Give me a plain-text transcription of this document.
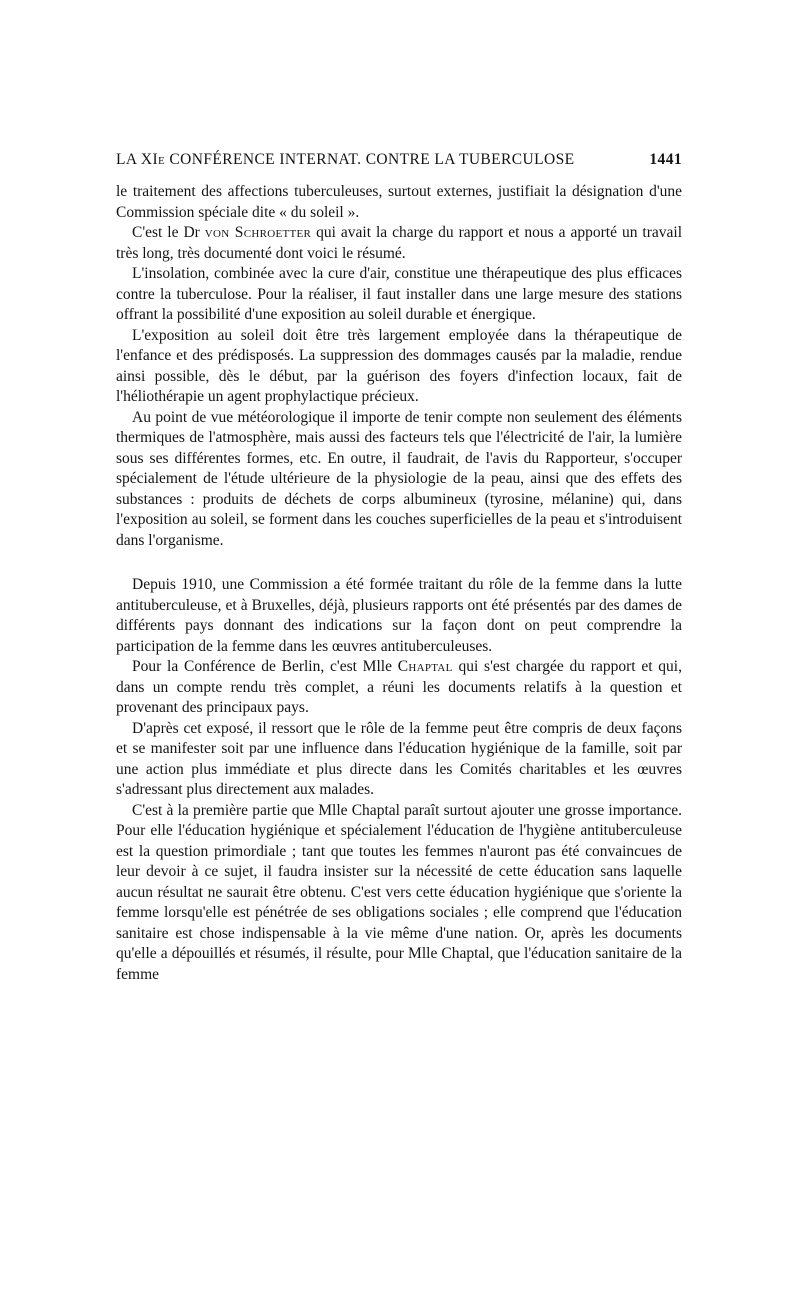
LA XIe CONFÉRENCE INTERNAT. CONTRE LA TUBERCULOSE	1441

le traitement des affections tuberculeuses, surtout externes, justifiait la désignation d'une Commission spéciale dite « du soleil ».

C'est le Dr von Schroetter qui avait la charge du rapport et nous a apporté un travail très long, très documenté dont voici le résumé.

L'insolation, combinée avec la cure d'air, constitue une thérapeutique des plus efficaces contre la tuberculose. Pour la réaliser, il faut installer dans une large mesure des stations offrant la possibilité d'une exposition au soleil durable et énergique.

L'exposition au soleil doit être très largement employée dans la thérapeutique de l'enfance et des prédisposés. La suppression des dommages causés par la maladie, rendue ainsi possible, dès le début, par la guérison des foyers d'infection locaux, fait de l'héliothérapie un agent prophylactique précieux.

Au point de vue météorologique il importe de tenir compte non seulement des éléments thermiques de l'atmosphère, mais aussi des facteurs tels que l'électricité de l'air, la lumière sous ses différentes formes, etc. En outre, il faudrait, de l'avis du Rapporteur, s'occuper spécialement de l'étude ultérieure de la physiologie de la peau, ainsi que des effets des substances : produits de déchets de corps albumineux (tyrosine, mélanine) qui, dans l'exposition au soleil, se forment dans les couches superficielles de la peau et s'introduisent dans l'organisme.

Depuis 1910, une Commission a été formée traitant du rôle de la femme dans la lutte antituberculeuse, et à Bruxelles, déjà, plusieurs rapports ont été présentés par des dames de différents pays donnant des indications sur la façon dont on peut comprendre la participation de la femme dans les œuvres antituberculeuses.

Pour la Conférence de Berlin, c'est Mlle Chaptal qui s'est chargée du rapport et qui, dans un compte rendu très complet, a réuni les documents relatifs à la question et provenant des principaux pays.

D'après cet exposé, il ressort que le rôle de la femme peut être compris de deux façons et se manifester soit par une influence dans l'éducation hygiénique de la famille, soit par une action plus immédiate et plus directe dans les Comités charitables et les œuvres s'adressant plus directement aux malades.

C'est à la première partie que Mlle Chaptal paraît surtout ajouter une grosse importance. Pour elle l'éducation hygiénique et spécialement l'éducation de l'hygiène antituberculeuse est la question primordiale ; tant que toutes les femmes n'auront pas été convaincues de leur devoir à ce sujet, il faudra insister sur la nécessité de cette éducation sans laquelle aucun résultat ne saurait être obtenu. C'est vers cette éducation hygiénique que s'oriente la femme lorsqu'elle est pénétrée de ses obligations sociales ; elle comprend que l'éducation sanitaire est chose indispensable à la vie même d'une nation. Or, après les documents qu'elle a dépouillés et résumés, il résulte, pour Mlle Chaptal, que l'éducation sanitaire de la femme
